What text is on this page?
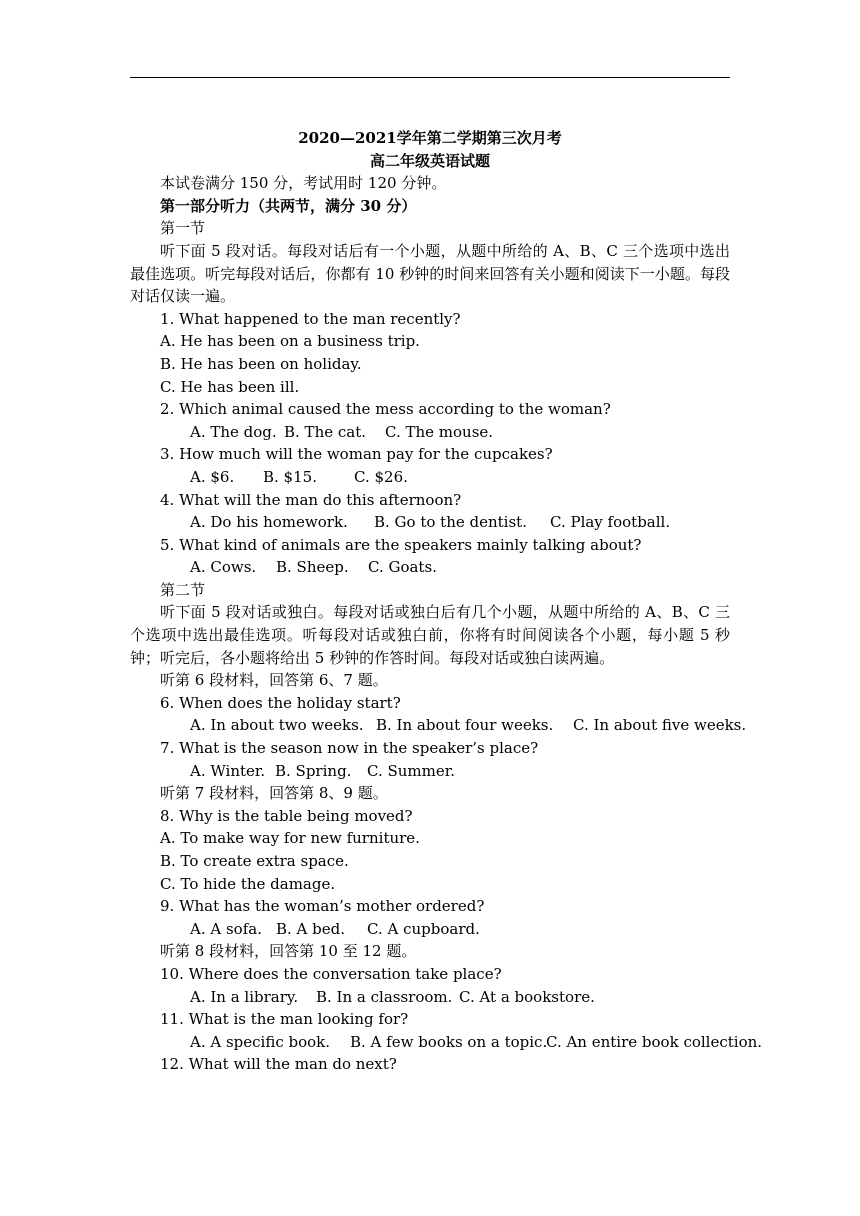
2020—2021学年第二学期第三次月考

高二年级英语试题

本试卷满分 150 分，考试用时 120 分钟。

第一部分听力（共两节，满分 30 分）

第一节

听下面 5 段对话。每段对话后有一个小题，从题中所给的 A、B、C 三个选项中选出最佳选项。听完每段对话后，你都有 10 秒钟的时间来回答有关小题和阅读下一小题。每段对话仅读一遍。

1. What happened to the man recently?

A. He has been on a business trip.

B. He has been on holiday.

C. He has been ill.

2. Which animal caused the mess according to the woman?

A. The dog. B. The cat. C. The mouse.

3. How much will the woman pay for the cupcakes?

A. $6. B. $15. C. $26.

4. What will the man do this afternoon?

A. Do his homework. B. Go to the dentist. C. Play football.

5. What kind of animals are the speakers mainly talking about?

A. Cows. B. Sheep. C. Goats.

第二节

听下面 5 段对话或独白。每段对话或独白后有几个小题，从题中所给的 A、B、C 三个选项中选出最佳选项。听每段对话或独白前，你将有时间阅读各个小题，每小题 5 秒钟；听完后，各小题将给出 5 秒钟的作答时间。每段对话或独白读两遍。

听第 6 段材料，回答第 6、7 题。

6. When does the holiday start?

A. In about two weeks. B. In about four weeks. C. In about five weeks.

7. What is the season now in the speaker’s place?

A. Winter. B. Spring. C. Summer.

听第 7 段材料，回答第 8、9 题。

8. Why is the table being moved?

A. To make way for new furniture.

B. To create extra space.

C. To hide the damage.

9. What has the woman’s mother ordered?

A. A sofa. B. A bed. C. A cupboard.

听第 8 段材料，回答第 10 至 12 题。

10. Where does the conversation take place?

A. In a library. B. In a classroom. C. At a bookstore.

11. What is the man looking for?

A. A specific book. B. A few books on a topic.C. An entire book collection.

12. What will the man do next?
